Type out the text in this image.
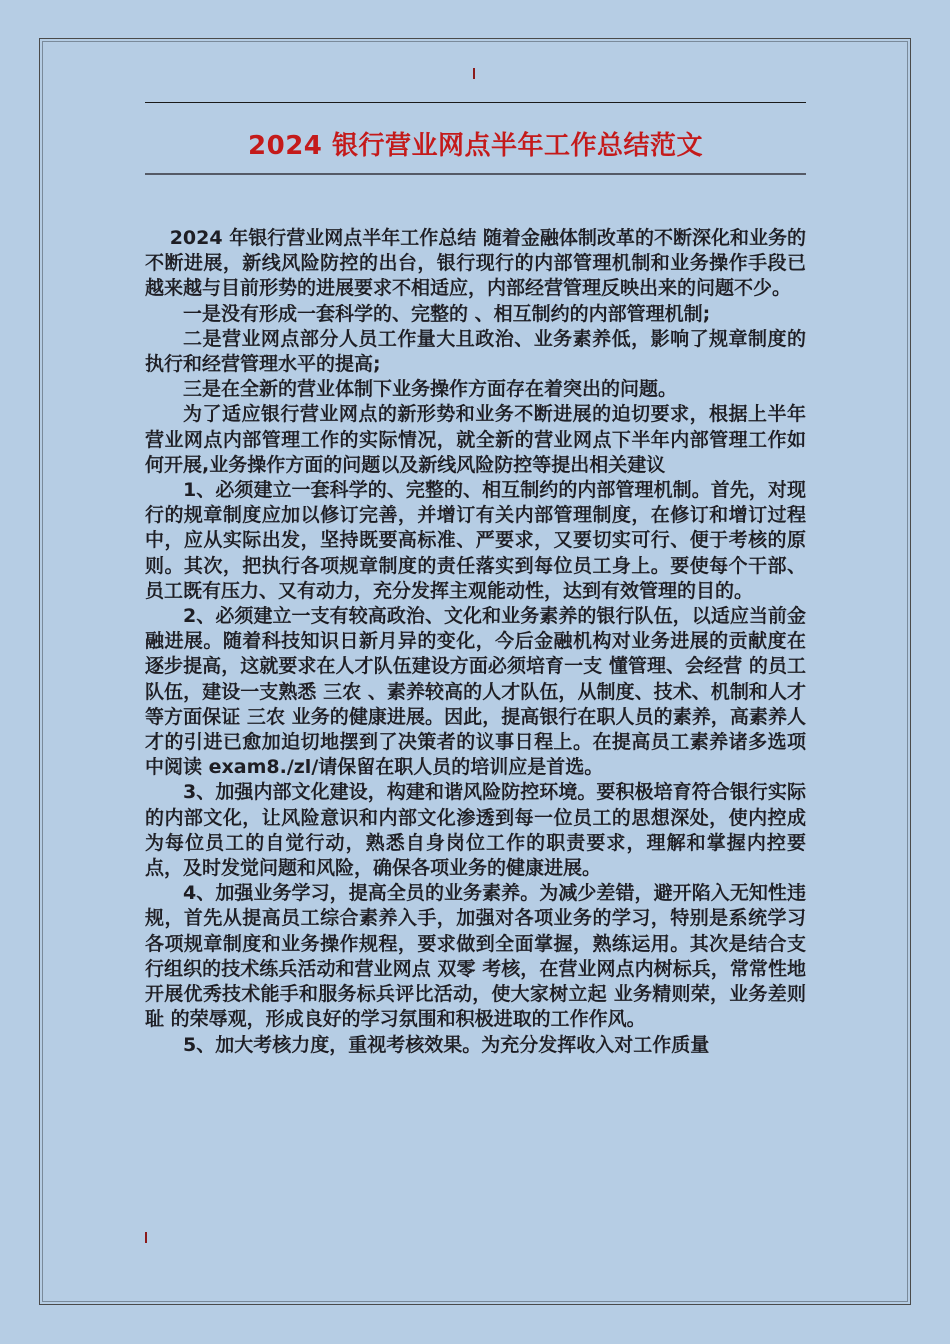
2024 银行营业网点半年工作总结范文

2024 年银行营业网点半年工作总结 随着金融体制改革的不断深化和业务的不断进展，新线风险防控的出台，银行现行的内部管理机制和业务操作手段已越来越与目前形势的进展要求不相适应，内部经营管理反映出来的问题不少。

一是没有形成一套科学的、完整的 、相互制约的内部管理机制;

二是营业网点部分人员工作量大且政治、业务素养低，影响了规章制度的执行和经营管理水平的提高;

三是在全新的营业体制下业务操作方面存在着突出的问题。

为了适应银行营业网点的新形势和业务不断进展的迫切要求，根据上半年营业网点内部管理工作的实际情况，就全新的营业网点下半年内部管理工作如何开展,业务操作方面的问题以及新线风险防控等提出相关建议

1、必须建立一套科学的、完整的、相互制约的内部管理机制。首先，对现行的规章制度应加以修订完善，并增订有关内部管理制度，在修订和增订过程中，应从实际出发，坚持既要高标准、严要求，又要切实可行、便于考核的原则。其次，把执行各项规章制度的责任落实到每位员工身上。要使每个干部、员工既有压力、又有动力，充分发挥主观能动性，达到有效管理的目的。

2、必须建立一支有较高政治、文化和业务素养的银行队伍，以适应当前金融进展。随着科技知识日新月异的变化，今后金融机构对业务进展的贡献度在逐步提高，这就要求在人才队伍建设方面必须培育一支 懂管理、会经营 的员工队伍，建设一支熟悉 三农 、素养较高的人才队伍，从制度、技术、机制和人才等方面保证 三农 业务的健康进展。因此，提高银行在职人员的素养，高素养人才的引进已愈加迫切地摆到了决策者的议事日程上。在提高员工素养诸多选项中阅读 exam8./zl/请保留在职人员的培训应是首选。

3、加强内部文化建设，构建和谐风险防控环境。要积极培育符合银行实际的内部文化，让风险意识和内部文化渗透到每一位员工的思想深处，使内控成为每位员工的自觉行动，熟悉自身岗位工作的职责要求，理解和掌握内控要点，及时发觉问题和风险，确保各项业务的健康进展。

4、加强业务学习，提高全员的业务素养。为减少差错，避开陷入无知性违规，首先从提高员工综合素养入手，加强对各项业务的学习，特别是系统学习各项规章制度和业务操作规程，要求做到全面掌握，熟练运用。其次是结合支行组织的技术练兵活动和营业网点 双零 考核，在营业网点内树标兵，常常性地开展优秀技术能手和服务标兵评比活动，使大家树立起 业务精则荣，业务差则耻 的荣辱观，形成良好的学习氛围和积极进取的工作作风。

5、加大考核力度，重视考核效果。为充分发挥收入对工作质量
